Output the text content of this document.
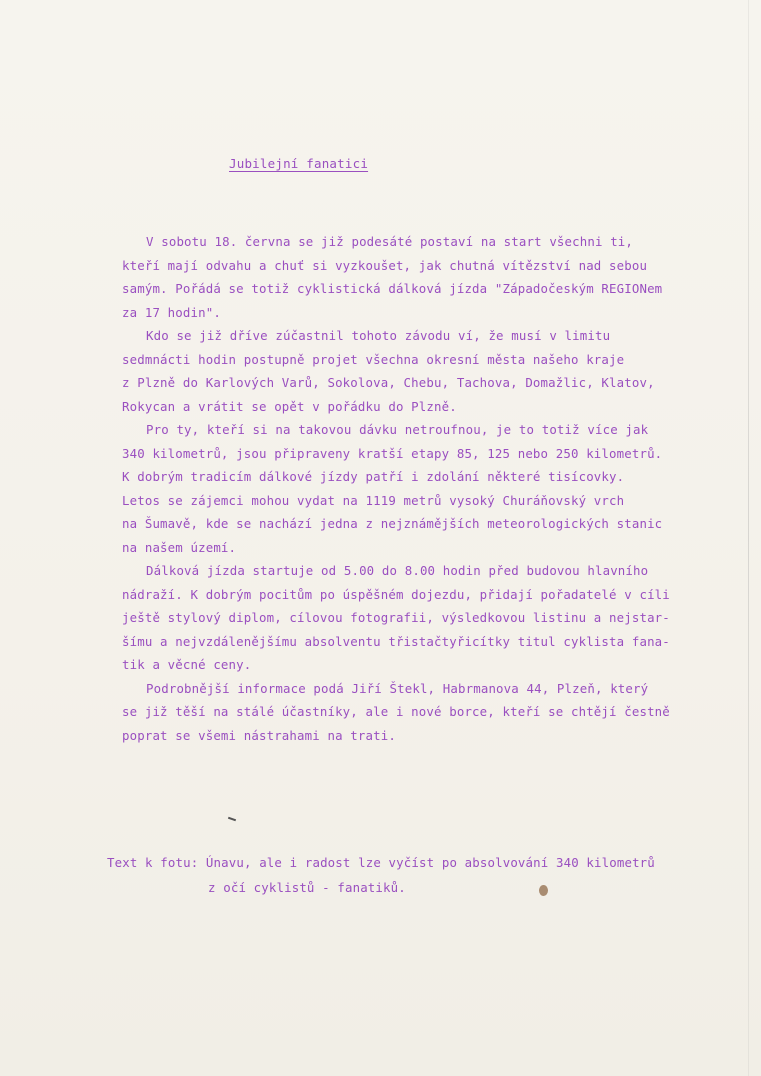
Jubilejní fanatici
V sobotu 18. června se již podesáté postaví na start všechni ti,
kteří mají odvahu a chuť si vyzkoušet, jak chutná vítězství nad sebou
samým. Pořádá se totiž cyklistická dálková jízda "Západočeským REGIONem
za 17 hodin".
Kdo se již dříve zúčastnil tohoto závodu ví, že musí v limitu
sedmnácti hodin postupně projet všechna okresní města našeho kraje
z Plzně do Karlových Varů, Sokolova, Chebu, Tachova, Domažlic, Klatov,
Rokycan a vrátit se opět v pořádku do Plzně.
Pro ty, kteří si na takovou dávku netroufnou, je to totiž více jak
340 kilometrů, jsou připraveny kratší etapy 85, 125 nebo 250 kilometrů.
K dobrým tradicím dálkové jízdy patří i zdolání některé tisícovky.
Letos se zájemci mohou vydat na 1119 metrů vysoký Churáňovský vrch
na Šumavě, kde se nachází jedna z nejznámějších meteorologických stanic
na našem území.
Dálková jízda startuje od 5.00 do 8.00 hodin před budovou hlavního
nádraží. K dobrým pocitům po úspěšném dojezdu, přidají pořadatelé v cíli
ještě stylový diplom, cílovou fotografii, výsledkovou listinu a nejstar-
šímu a nejvzdálenějšímu absolventu třistačtyřicítky titul cyklista fana-
tik a věcné ceny.
Podrobnější informace podá Jiří Štekl, Habrmanova 44, Plzeň, který
se již těší na stálé účastníky, ale i nové borce, kteří se chtějí čestně
poprat se všemi nástrahami na trati.
Text k fotu: Únavu, ale i radost lze vyčíst po absolvování 340 kilometrů
z očí cyklistů - fanatiků.
